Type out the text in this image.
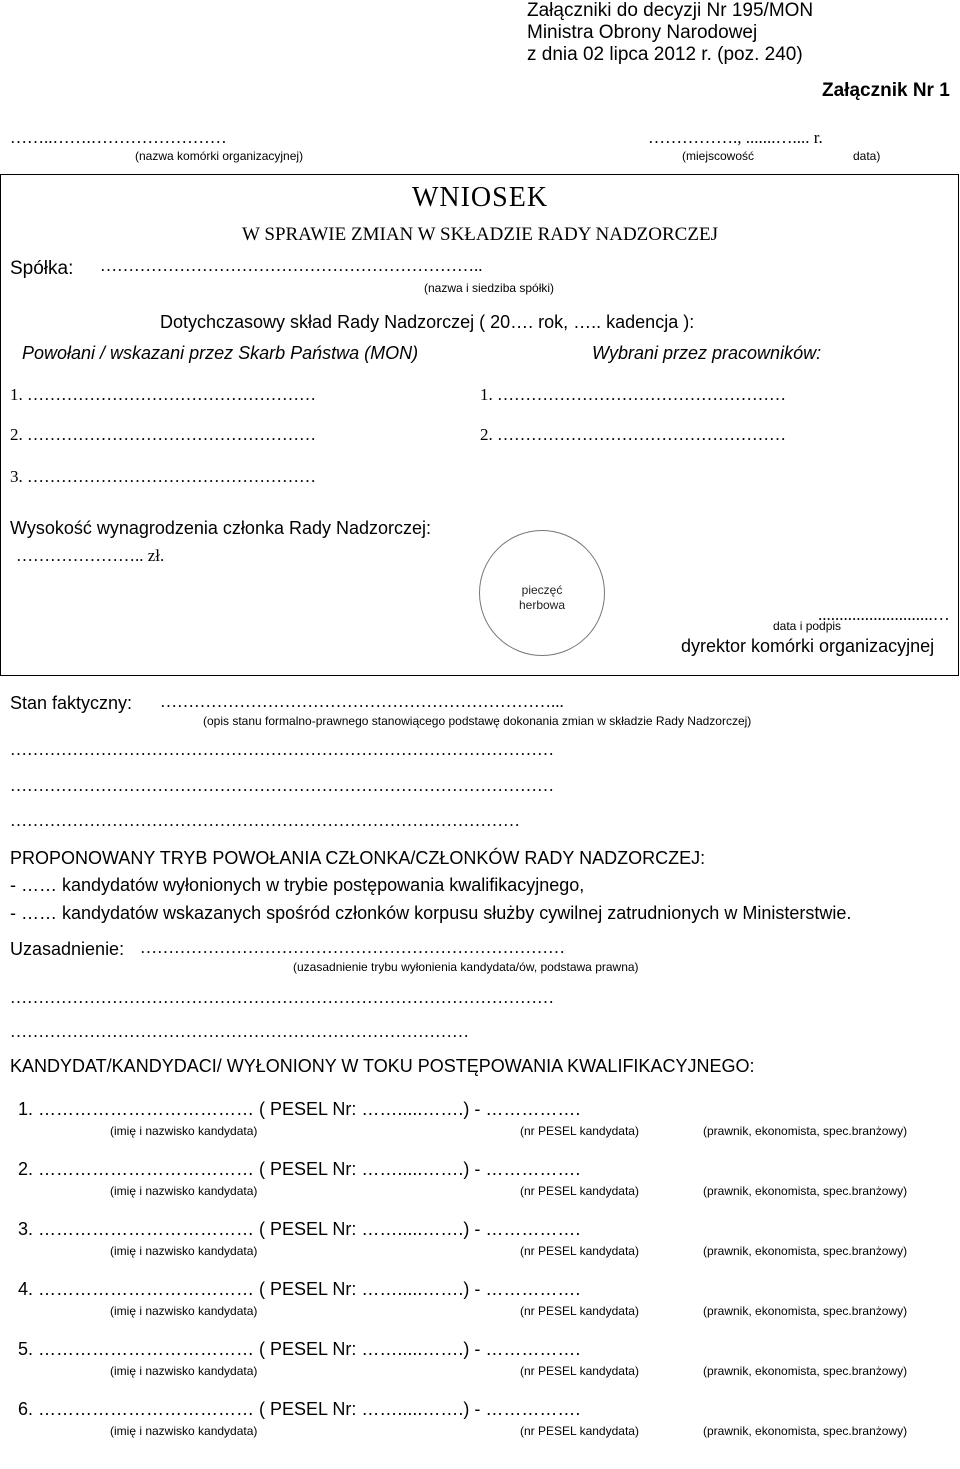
Załączniki do decyzji Nr 195/MON
Ministra Obrony Narodowej
z dnia 02 lipca 2012 r. (poz. 240)
Załącznik Nr 1
……..…….……………………
(nazwa komórki organizacyjnej)
……………., .......….... r.
(miejscowość	data)
WNIOSEK
W SPRAWIE ZMIAN W SKŁADZIE RADY NADZORCZEJ
Spółka: …………………………………………………………..
(nazwa i siedziba spółki)
Dotychczasowy skład Rady Nadzorczej ( 20…. rok, ….. kadencja ):
Powołani / wskazani przez Skarb Państwa (MON)	Wybrani przez pracowników:
1. ……………………………………………
2. ……………………………………………
3. ……………………………………………
1. ……………………………………………
2. ……………………………………………
Wysokość wynagrodzenia członka Rady Nadzorczej:
………………….. zł.
pieczęć
herbowa	...........................…
data i podpis
dyrektor komórki organizacyjnej
Stan faktyczny: ……………………………………………………………...
(opis stanu formalno-prawnego stanowiącego podstawę dokonania zmian w składzie Rady Nadzorczej)
……………………………………………………………………………………
……………………………………………………………………………………
………………………………………………………………………………
PROPONOWANY TRYB POWOŁANIA CZŁONKA/CZŁONKÓW RADY NADZORCZEJ:
- …… kandydatów wyłonionych w trybie postępowania kwalifikacyjnego,
- …… kandydatów wskazanych spośród członków korpusu służby cywilnej zatrudnionych w Ministerstwie.
Uzasadnienie: …………………………………………………………………
(uzasadnienie trybu wyłonienia kandydata/ów, podstawa prawna)
……………………………………………………………………………………
………………………………………………………………………
KANDYDAT/KANDYDACI/ WYŁONIONY W TOKU POSTĘPOWANIA KWALIFIKACYJNEGO:
1. ……………………………… ( PESEL Nr: …….....…….) - …………….
(imię i nazwisko kandydata)	(nr PESEL kandydata)	(prawnik, ekonomista, spec.branżowy)
2. ……………………………… ( PESEL Nr: …….....…….) - …………….
(imię i nazwisko kandydata)	(nr PESEL kandydata)	(prawnik, ekonomista, spec.branżowy)
3. ……………………………… ( PESEL Nr: …….....…….) - …………….
(imię i nazwisko kandydata)	(nr PESEL kandydata)	(prawnik, ekonomista, spec.branżowy)
4. ……………………………… ( PESEL Nr: …….....…….) - …………….
(imię i nazwisko kandydata)	(nr PESEL kandydata)	(prawnik, ekonomista, spec.branżowy)
5. ……………………………… ( PESEL Nr: …….....…….) - …………….
(imię i nazwisko kandydata)	(nr PESEL kandydata)	(prawnik, ekonomista, spec.branżowy)
6. ……………………………… ( PESEL Nr: …….....…….) - …………….
(imię i nazwisko kandydata)	(nr PESEL kandydata)	(prawnik, ekonomista, spec.branżowy)
